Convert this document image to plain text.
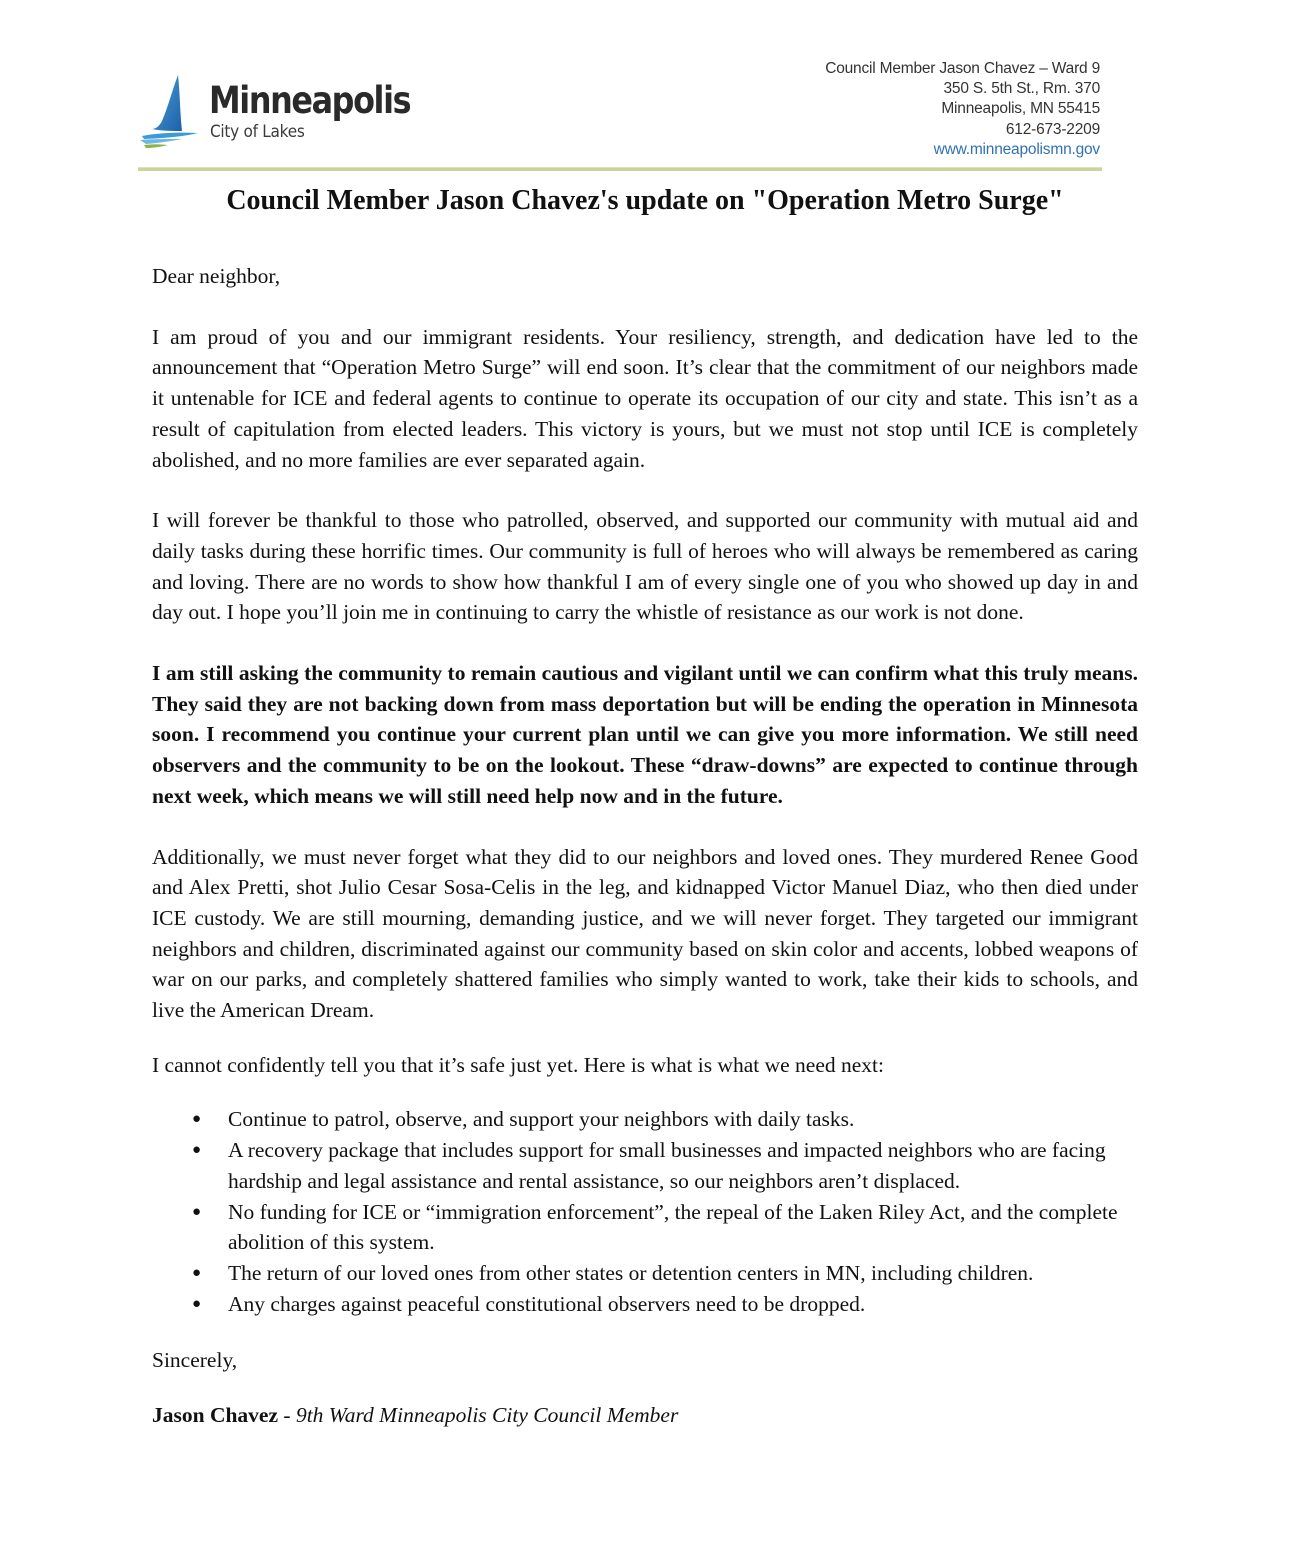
Minneapolis
City of Lakes
Council Member Jason Chavez – Ward 9
350 S. 5th St., Rm. 370
Minneapolis, MN 55415
612-673-2209
www.minneapolismn.gov
Council Member Jason Chavez's update on "Operation Metro Surge"

Dear neighbor,

I am proud of you and our immigrant residents. Your resiliency, strength, and dedication have led to the announcement that “Operation Metro Surge” will end soon. It’s clear that the commitment of our neighbors made it untenable for ICE and federal agents to continue to operate its occupation of our city and state. This isn’t as a result of capitulation from elected leaders. This victory is yours, but we must not stop until ICE is completely abolished, and no more families are ever separated again.

I will forever be thankful to those who patrolled, observed, and supported our community with mutual aid and daily tasks during these horrific times. Our community is full of heroes who will always be remembered as caring and loving. There are no words to show how thankful I am of every single one of you who showed up day in and day out. I hope you’ll join me in continuing to carry the whistle of resistance as our work is not done.

I am still asking the community to remain cautious and vigilant until we can confirm what this truly means. They said they are not backing down from mass deportation but will be ending the operation in Minnesota soon. I recommend you continue your current plan until we can give you more information. We still need observers and the community to be on the lookout. These “draw-downs” are expected to continue through next week, which means we will still need help now and in the future.

Additionally, we must never forget what they did to our neighbors and loved ones. They murdered Renee Good and Alex Pretti, shot Julio Cesar Sosa-Celis in the leg, and kidnapped Victor Manuel Diaz, who then died under ICE custody. We are still mourning, demanding justice, and we will never forget. They targeted our immigrant neighbors and children, discriminated against our community based on skin color and accents, lobbed weapons of war on our parks, and completely shattered families who simply wanted to work, take their kids to schools, and live the American Dream.

I cannot confidently tell you that it’s safe just yet. Here is what is what we need next:

● Continue to patrol, observe, and support your neighbors with daily tasks.
● A recovery package that includes support for small businesses and impacted neighbors who are facing hardship and legal assistance and rental assistance, so our neighbors aren’t displaced.
● No funding for ICE or “immigration enforcement”, the repeal of the Laken Riley Act, and the complete abolition of this system.
● The return of our loved ones from other states or detention centers in MN, including children.
● Any charges against peaceful constitutional observers need to be dropped.

Sincerely,

Jason Chavez - 9th Ward Minneapolis City Council Member
